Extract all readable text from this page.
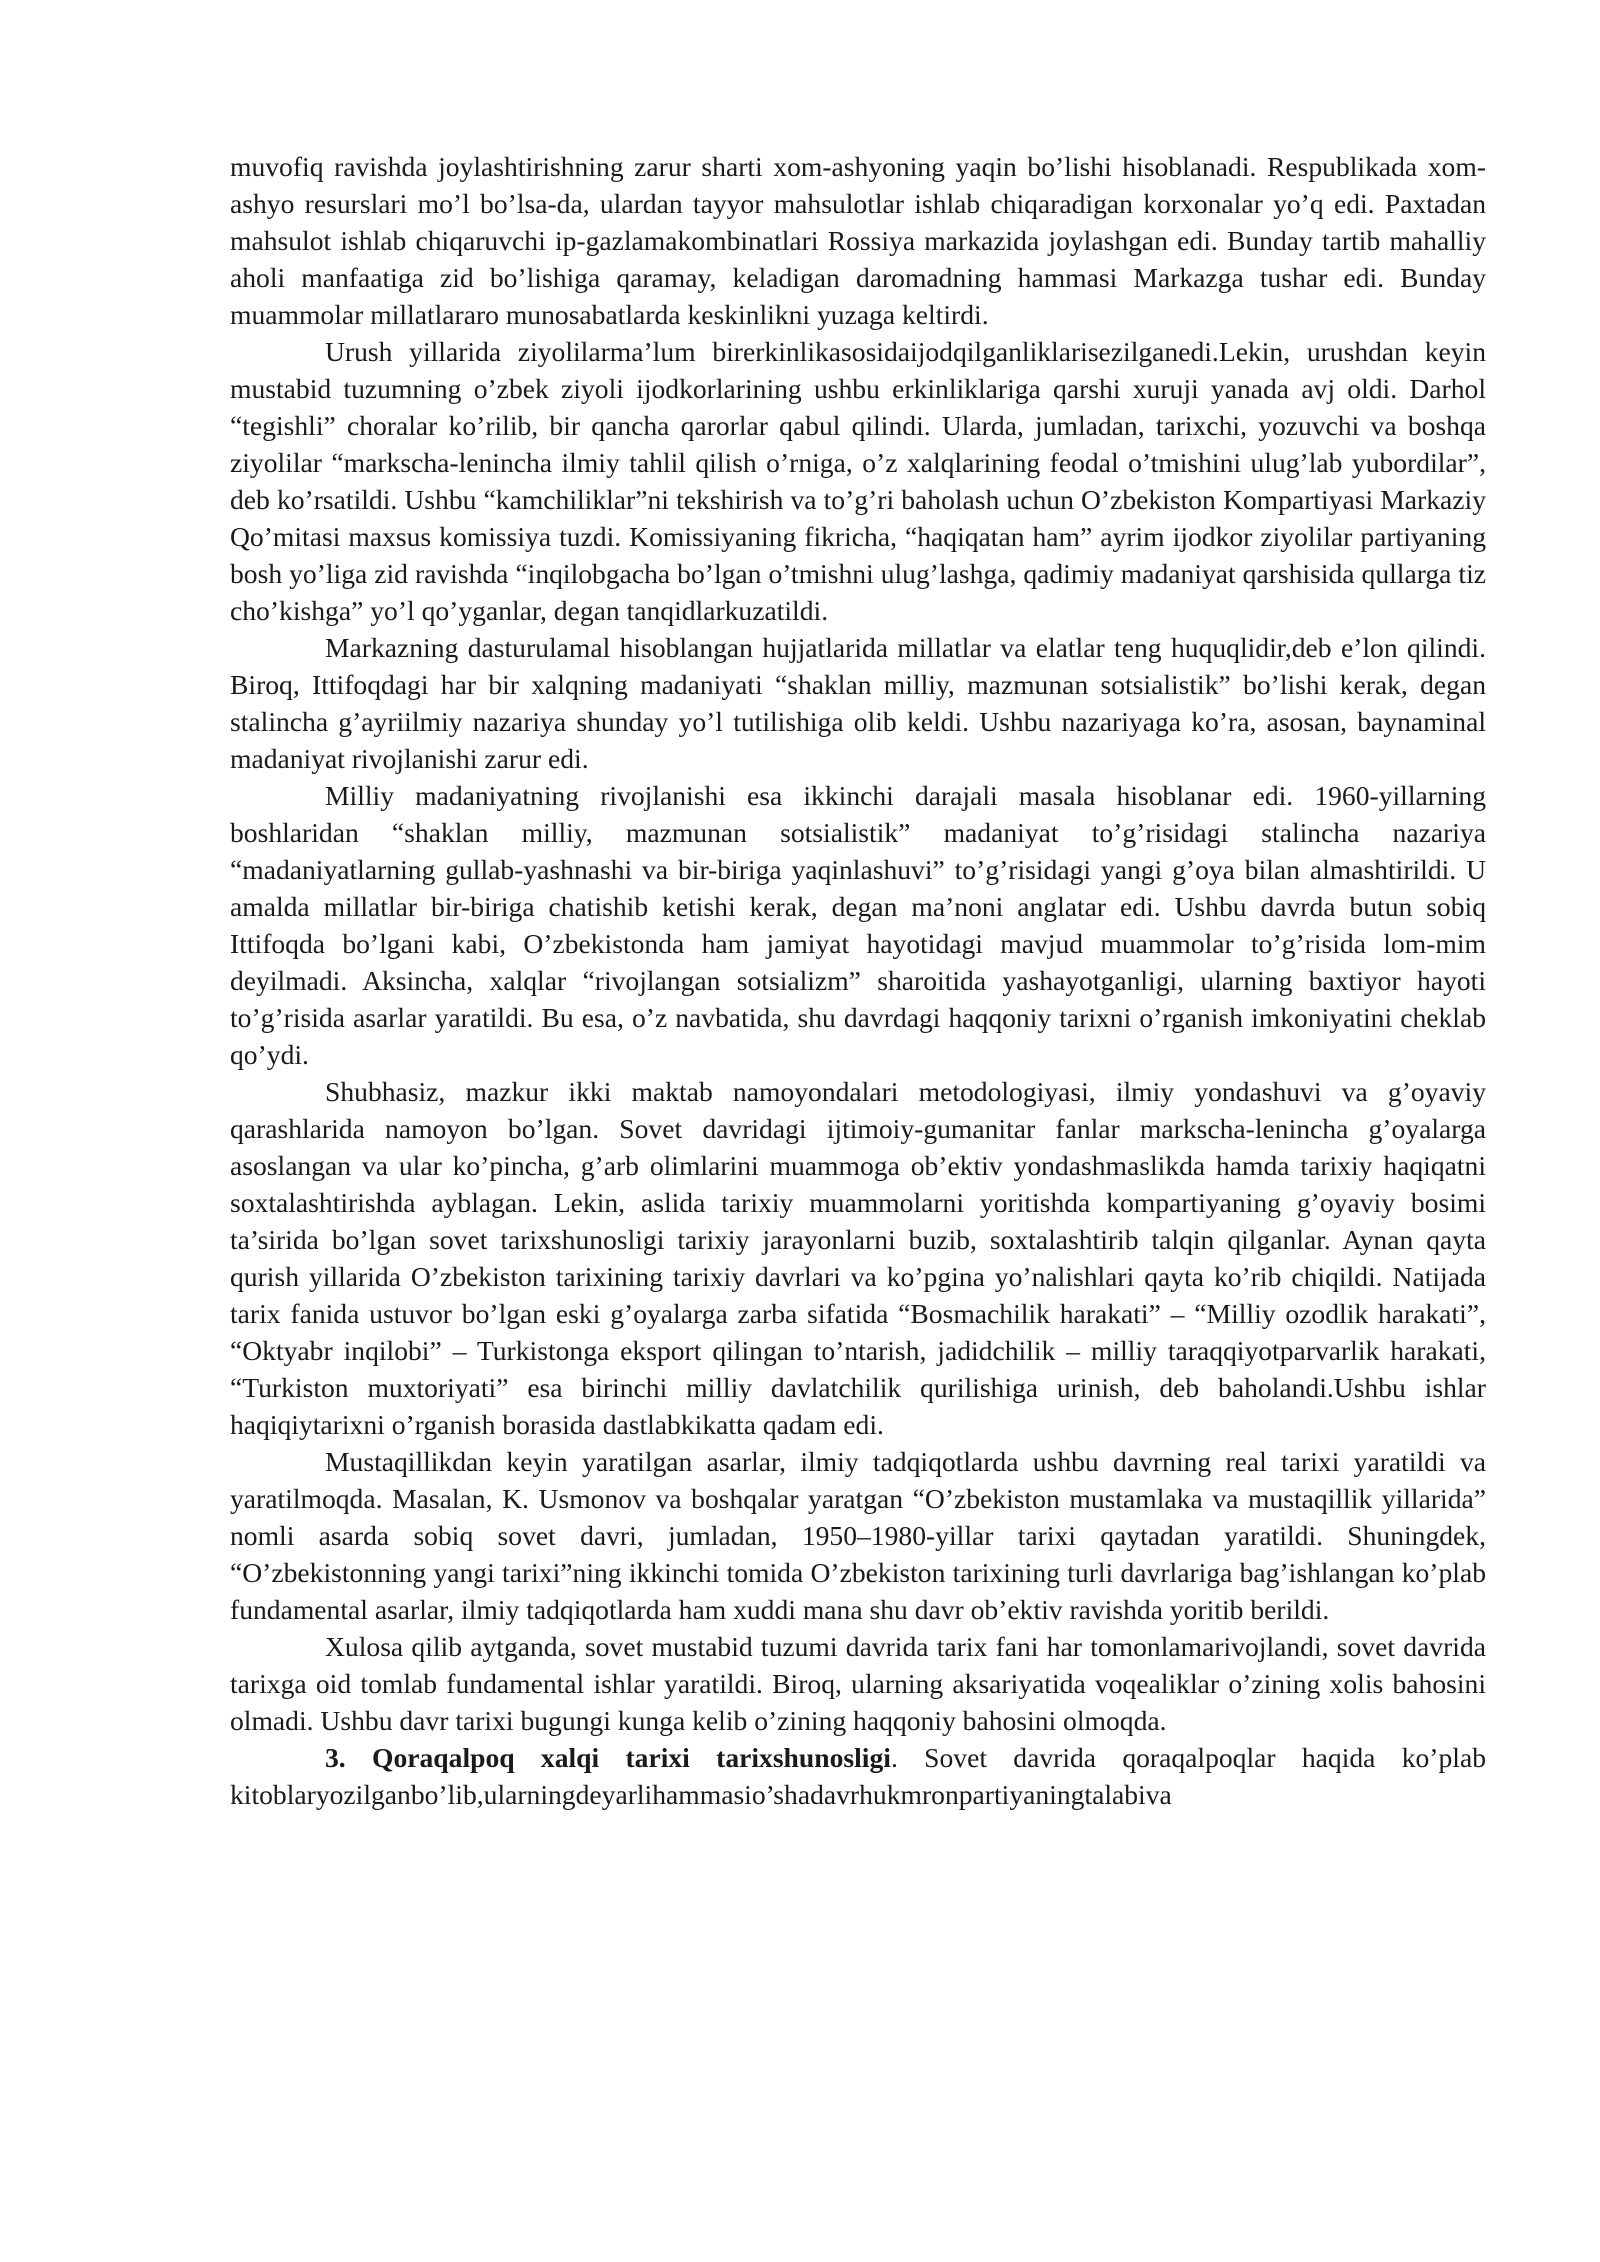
muvofiq ravishda joylashtirishning zarur sharti xom-ashyoning yaqin bo’lishi hisoblanadi. Respublikada xom-ashyo resurslari mo’l bo’lsa-da, ulardan tayyor mahsulotlar ishlab chiqaradigan korxonalar yo’q edi. Paxtadan mahsulot ishlab chiqaruvchi ip-gazlamakombinatlari Rossiya markazida joylashgan edi. Bunday tartib mahalliy aholi manfaatiga zid bo’lishiga qaramay, keladigan daromadning hammasi Markazga tushar edi. Bunday muammolar millatlararo munosabatlarda keskinlikni yuzaga keltirdi.

Urush yillarida ziyolilarma’lum birerkinlikasosidaijodqilganliklarisezilganedi.Lekin, urushdan keyin mustabid tuzumning o’zbek ziyoli ijodkorlarining ushbu erkinliklariga qarshi xuruji yanada avj oldi. Darhol “tegishli” choralar ko’rilib, bir qancha qarorlar qabul qilindi. Ularda, jumladan, tarixchi, yozuvchi va boshqa ziyolilar “markscha-lenincha ilmiy tahlil qilish o’rniga, o’z xalqlarining feodal o’tmishini ulug’lab yubordilar”, deb ko’rsatildi. Ushbu “kamchiliklar”ni tekshirish va to’g’ri baholash uchun O’zbekiston Kompartiyasi Markaziy Qo’mitasi maxsus komissiya tuzdi. Komissiyaning fikricha, “haqiqatan ham” ayrim ijodkor ziyolilar partiyaning bosh yo’liga zid ravishda “inqilobgacha bo’lgan o’tmishni ulug’lashga, qadimiy madaniyat qarshisida qullarga tiz cho’kishga” yo’l qo’yganlar, degan tanqidlarkuzatildi.

Markazning dasturulamal hisoblangan hujjatlarida millatlar va elatlar teng huquqlidir,deb e’lon qilindi. Biroq, Ittifoqdagi har bir xalqning madaniyati “shaklan milliy, mazmunan sotsialistik” bo’lishi kerak, degan stalincha g’ayriilmiy nazariya shunday yo’l tutilishiga olib keldi. Ushbu nazariyaga ko’ra, asosan, baynaminal madaniyat rivojlanishi zarur edi.

Milliy madaniyatning rivojlanishi esa ikkinchi darajali masala hisoblanar edi. 1960-yillarning boshlaridan “shaklan milliy, mazmunan sotsialistik” madaniyat to’g’risidagi stalincha nazariya “madaniyatlarning gullab-yashnashi va bir-biriga yaqinlashuvi” to’g’risidagi yangi g’oya bilan almashtirildi. U amalda millatlar bir-biriga chatishib ketishi kerak, degan ma’noni anglatar edi. Ushbu davrda butun sobiq Ittifoqda bo’lgani kabi, O’zbekistonda ham jamiyat hayotidagi mavjud muammolar to’g’risida lom-mim deyilmadi. Aksincha, xalqlar “rivojlangan sotsializm” sharoitida yashayotganligi, ularning baxtiyor hayoti to’g’risida asarlar yaratildi. Bu esa, o’z navbatida, shu davrdagi haqqoniy tarixni o’rganish imkoniyatini cheklab qo’ydi.

Shubhasiz, mazkur ikki maktab namoyondalari metodologiyasi, ilmiy yondashuvi va g’oyaviy qarashlarida namoyon bo’lgan. Sovet davridagi ijtimoiy-gumanitar fanlar markscha-lenincha g’oyalarga asoslangan va ular ko’pincha, g’arb olimlarini muammoga ob’ektiv yondashmaslikda hamda tarixiy haqiqatni soxtalashtirishda ayblagan. Lekin, aslida tarixiy muammolarni yoritishda kompartiyaning g’oyaviy bosimi ta’sirida bo’lgan sovet tarixshunosligi tarixiy jarayonlarni buzib, soxtalashtirib talqin qilganlar. Aynan qayta qurish yillarida O’zbekiston tarixining tarixiy davrlari va ko’pgina yo’nalishlari qayta ko’rib chiqildi. Natijada tarix fanida ustuvor bo’lgan eski g’oyalarga zarba sifatida “Bosmachilik harakati” – “Milliy ozodlik harakati”, “Oktyabr inqilobi” – Turkistonga eksport qilingan to’ntarish, jadidchilik – milliy taraqqiyotparvarlik harakati, “Turkiston muxtoriyati” esa birinchi milliy davlatchilik qurilishiga urinish, deb baholandi.Ushbu ishlar haqiqiytarixni o’rganish borasida dastlabkikatta qadam edi.

Mustaqillikdan keyin yaratilgan asarlar, ilmiy tadqiqotlarda ushbu davrning real tarixi yaratildi va yaratilmoqda. Masalan, K. Usmonov va boshqalar yaratgan “O’zbekiston mustamlaka va mustaqillik yillarida” nomli asarda sobiq sovet davri, jumladan, 1950–1980-yillar tarixi qaytadan yaratildi. Shuningdek, “O’zbekistonning yangi tarixi”ning ikkinchi tomida O’zbekiston tarixining turli davrlariga bag’ishlangan ko’plab fundamental asarlar, ilmiy tadqiqotlarda ham xuddi mana shu davr ob’ektiv ravishda yoritib berildi.

Xulosa qilib aytganda, sovet mustabid tuzumi davrida tarix fani har tomonlamarivojlandi, sovet davrida tarixga oid tomlab fundamental ishlar yaratildi. Biroq, ularning aksariyatida voqealiklar o’zining xolis bahosini olmadi. Ushbu davr tarixi bugungi kunga kelib o’zining haqqoniy bahosini olmoqda.

3. Qoraqalpoq xalqi tarixi tarixshunosligi. Sovet davrida qoraqalpoqlar haqida ko’plab kitoblaryozilganbo’lib,ularningdeyarlihammasio’shadavrhukmronpartiyaningtalabiva
